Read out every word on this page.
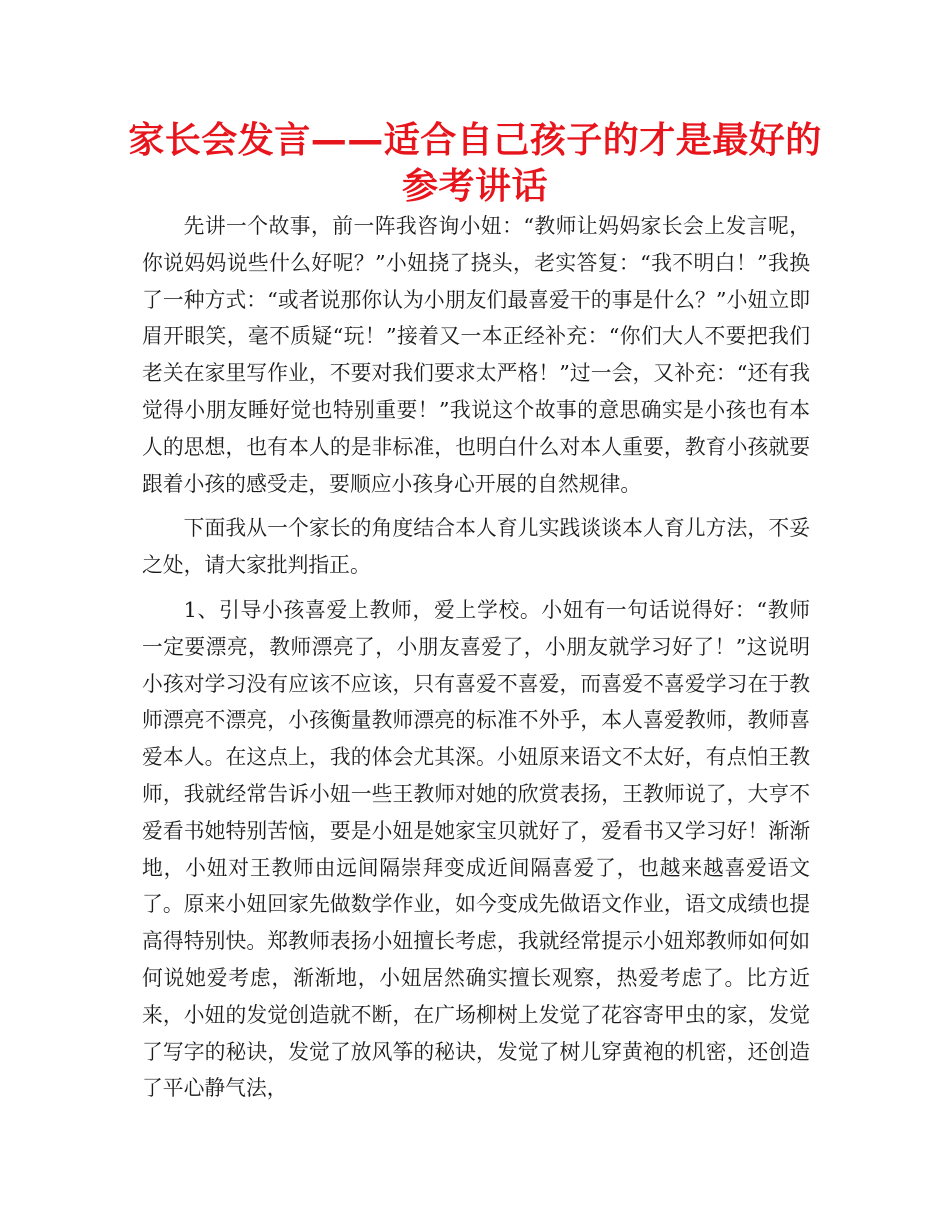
家长会发言——适合自己孩子的才是最好的参考讲话

先讲一个故事，前一阵我咨询小妞：“教师让妈妈家长会上发言呢，你说妈妈说些什么好呢？”小妞挠了挠头，老实答复：“我不明白！”我换了一种方式：“或者说那你认为小朋友们最喜爱干的事是什么？”小妞立即眉开眼笑，毫不质疑“玩！”接着又一本正经补充：“你们大人不要把我们老关在家里写作业，不要对我们要求太严格！”过一会，又补充：“还有我觉得小朋友睡好觉也特别重要！”我说这个故事的意思确实是小孩也有本人的思想，也有本人的是非标准，也明白什么对本人重要，教育小孩就要跟着小孩的感受走，要顺应小孩身心开展的自然规律。

下面我从一个家长的角度结合本人育儿实践谈谈本人育儿方法，不妥之处，请大家批判指正。

1、引导小孩喜爱上教师，爱上学校。小妞有一句话说得好：“教师一定要漂亮，教师漂亮了，小朋友喜爱了，小朋友就学习好了！”这说明小孩对学习没有应该不应该，只有喜爱不喜爱，而喜爱不喜爱学习在于教师漂亮不漂亮，小孩衡量教师漂亮的标准不外乎，本人喜爱教师，教师喜爱本人。在这点上，我的体会尤其深。小妞原来语文不太好，有点怕王教师，我就经常告诉小妞一些王教师对她的欣赏表扬，王教师说了，大亨不爱看书她特别苦恼，要是小妞是她家宝贝就好了，爱看书又学习好！渐渐地，小妞对王教师由远间隔崇拜变成近间隔喜爱了，也越来越喜爱语文了。原来小妞回家先做数学作业，如今变成先做语文作业，语文成绩也提高得特别快。郑教师表扬小妞擅长考虑，我就经常提示小妞郑教师如何如何说她爱考虑，渐渐地，小妞居然确实擅长观察，热爱考虑了。比方近来，小妞的发觉创造就不断，在广场柳树上发觉了花容寄甲虫的家，发觉了写字的秘诀，发觉了放风筝的秘诀，发觉了树儿穿黄袍的机密，还创造了平心静气法，
